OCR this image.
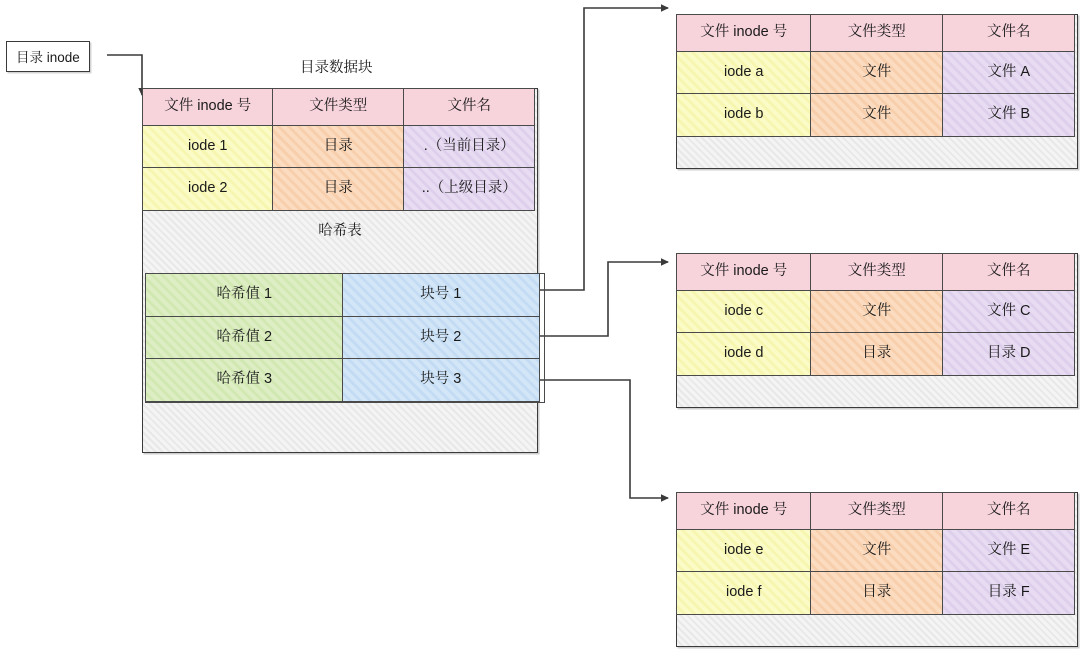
目录 inode
目录数据块
文件 inode 号	文件类型	文件名
iode 1	目录	.（当前目录）
iode 2	目录	..（上级目录）
哈希表
哈希值 1	块号 1
哈希值 2	块号 2
哈希值 3	块号 3
文件 inode 号	文件类型	文件名
iode a	文件	文件 A
iode b	文件	文件 B
文件 inode 号	文件类型	文件名
iode c	文件	文件 C
iode d	目录	目录 D
文件 inode 号	文件类型	文件名
iode e	文件	文件 E
iode f	目录	目录 F
